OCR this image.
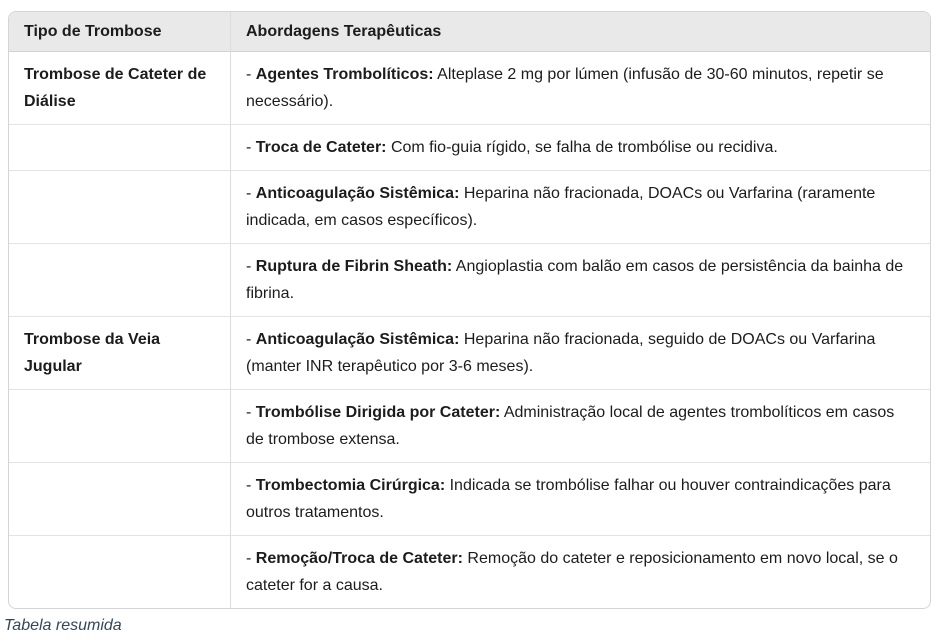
Tipo de Trombose	Abordagens Terapêuticas
Trombose de Cateter de Diálise	- Agentes Trombolíticos: Alteplase 2 mg por lúmen (infusão de 30-60 minutos, repetir se necessário).
	- Troca de Cateter: Com fio-guia rígido, se falha de trombólise ou recidiva.
	- Anticoagulação Sistêmica: Heparina não fracionada, DOACs ou Varfarina (raramente indicada, em casos específicos).
	- Ruptura de Fibrin Sheath: Angioplastia com balão em casos de persistência da bainha de fibrina.
Trombose da Veia Jugular	- Anticoagulação Sistêmica: Heparina não fracionada, seguido de DOACs ou Varfarina (manter INR terapêutico por 3-6 meses).
	- Trombólise Dirigida por Cateter: Administração local de agentes trombolíticos em casos de trombose extensa.
	- Trombectomia Cirúrgica: Indicada se trombólise falhar ou houver contraindicações para outros tratamentos.
	- Remoção/Troca de Cateter: Remoção do cateter e reposicionamento em novo local, se o cateter for a causa.

Tabela resumida
